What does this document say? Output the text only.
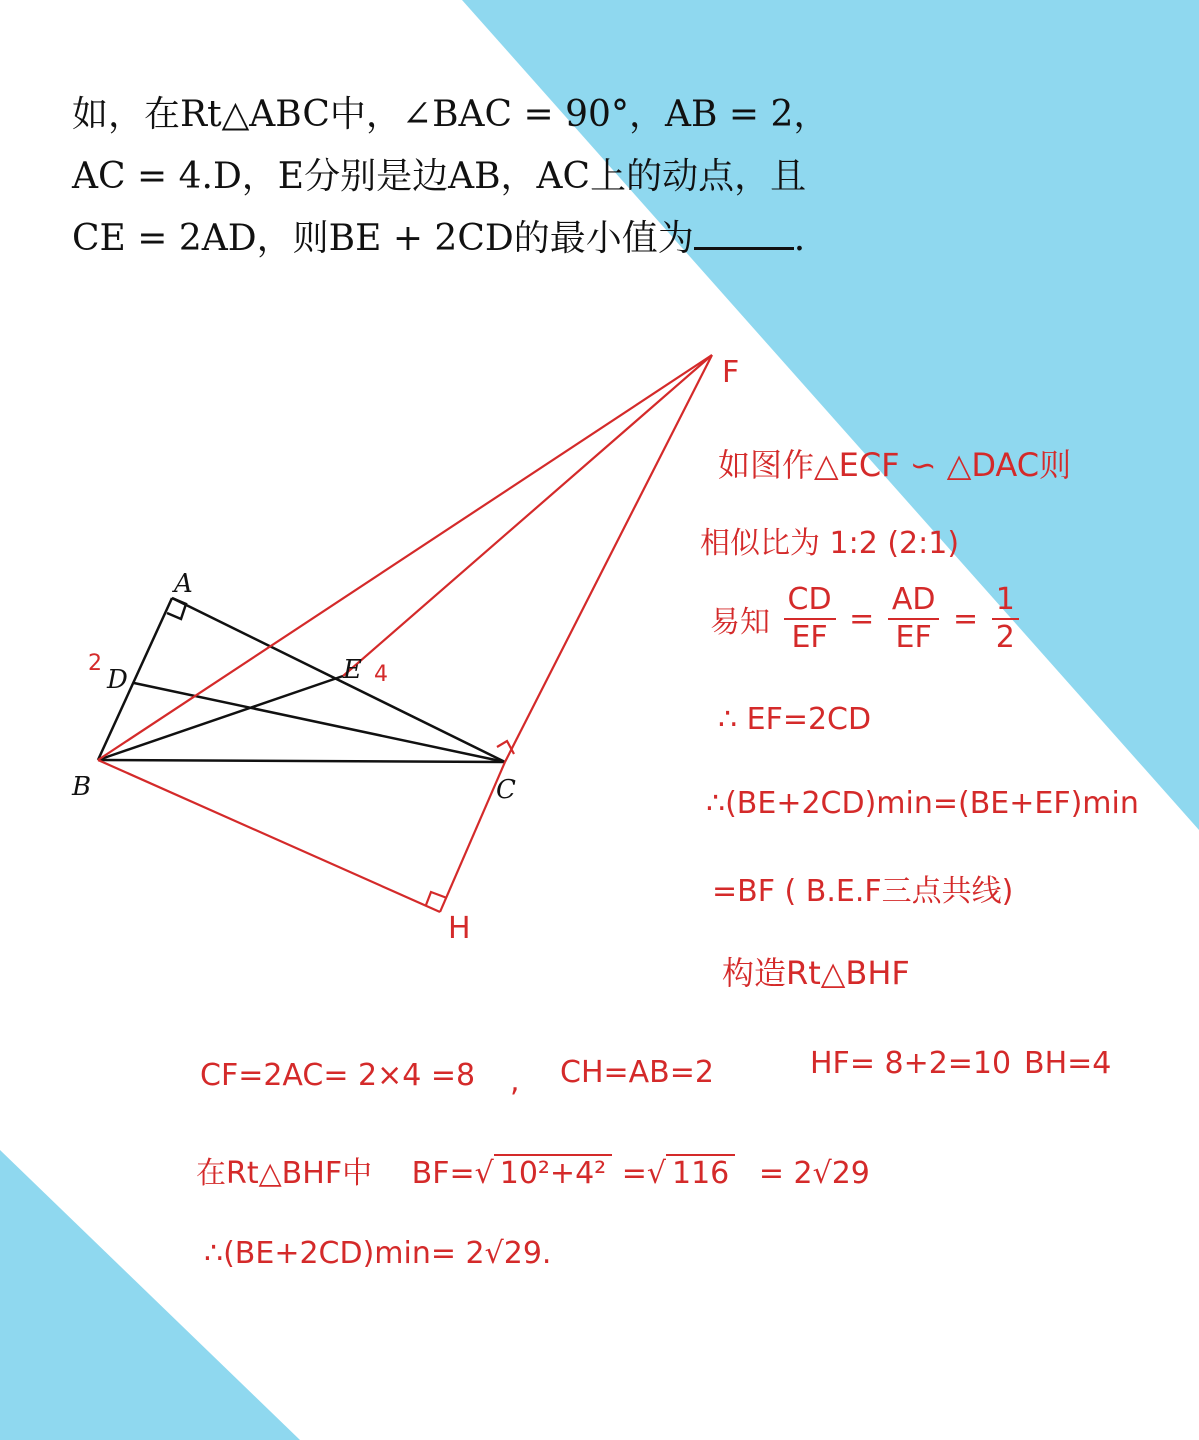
如，在Rt△ABC中，∠BAC = 90°，AB = 2，
AC = 4.D，E分别是边AB，AC上的动点，且
CE = 2AD，则BE + 2CD的最小值为	.
A
B	C
D	E
F
H
2	4
如图作△ECF ∽ △DAC则
相似比为 1:2 (2:1)
易知 $\frac{CD}{EF} = \frac{AD}{EF} = \frac{1}{2}$
∴ EF=2CD
∴(BE+2CD)min=(BE+EF)min
=BF ( B.E.F三点共线)
构造Rt△BHF
CF=2AC= 2×4 =8 , CH=AB=2	HF= 8+2=10 BH=4
在Rt△BHF中 BF=√ 10²+4² =√ 116 = 2√29
∴(BE+2CD)min= 2√29.
